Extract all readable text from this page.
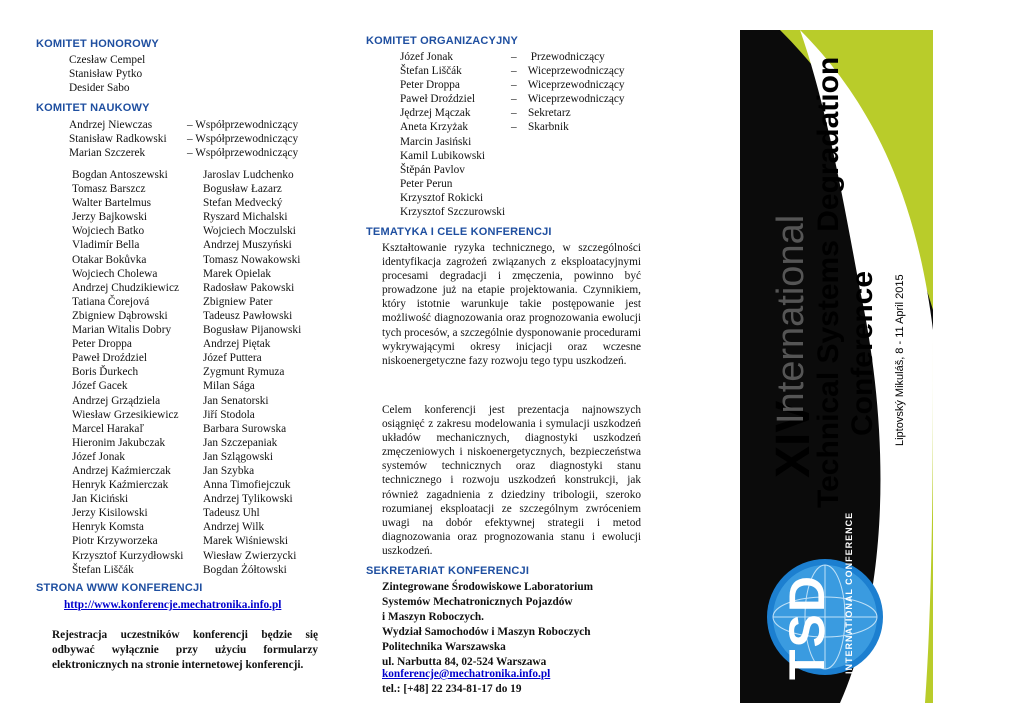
KOMITET HONOROWY
Czesław Cempel
Stanisław Pytko
Desider Sabo
KOMITET NAUKOWY
Andrzej Niewczas	– Współprzewodniczący
Stanisław Radkowski – Współprzewodniczący
Marian Szczerek	– Współprzewodniczący
Bogdan Antoszewski
Tomasz Barszcz
Walter Bartelmus
Jerzy Bajkowski
Wojciech Batko
Vladimír Bella
Otakar Bokůvka
Wojciech Cholewa
Andrzej Chudzikiewicz
Tatiana Čorejová
Zbigniew Dąbrowski
Marian Witalis Dobry
Peter Droppa
Paweł Droździel
Boris Ďurkech
Józef Gacek
Andrzej Grządziela
Wiesław Grzesikiewicz
Marcel Harakaľ
Hieronim Jakubczak
Józef Jonak
Andrzej Kaźmierczak
Henryk Kaźmierczak
Jan Kiciński
Jerzy Kisilowski
Henryk Komsta
Piotr Krzyworzeka
Krzysztof Kurzydłowski
Štefan Liščák
Jaroslav Ludchenko
Bogusław Łazarz
Stefan Medvecký
Ryszard Michalski
Wojciech Moczulski
Andrzej Muszyński
Tomasz Nowakowski
Marek Opielak
Radosław Pakowski
Zbigniew Pater
Tadeusz Pawłowski
Bogusław Pijanowski
Andrzej Piętak
Józef Puttera
Zygmunt Rymuza
Milan Sága
Jan Senatorski
Jiří Stodola
Barbara Surowska
Jan Szczepaniak
Jan Szlągowski
Jan Szybka
Anna Timofiejczuk
Andrzej Tylikowski
Tadeusz Uhl
Andrzej Wilk
Marek Wiśniewski
Wiesław Zwierzycki
Bogdan Żółtowski
STRONA WWW KONFERENCJI
http://www.konferencje.mechatronika.info.pl
Rejestracja uczestników konferencji będzie się odbywać wyłącznie przy użyciu formularzy elektronicznych na stronie internetowej konferencji.
KOMITET ORGANIZACYJNY
Józef Jonak	–     Przewodniczący
Štefan Liščák	–    Wiceprzewodniczący
Peter Droppa	–    Wiceprzewodniczący
Paweł Droździel	–    Wiceprzewodniczący
Jędrzej Mączak	–    Sekretarz
Aneta Krzyżak	–    Skarbnik
Marcin Jasiński
Kamil Lubikowski
Štěpán Pavlov
Peter Perun
Krzysztof Rokicki
Krzysztof Szczurowski
TEMATYKA I CELE KONFERENCJI
Kształtowanie ryzyka technicznego, w szczególności identyfikacja zagrożeń związanych z eksploatacyjnymi procesami degradacji i zmęczenia, powinno być prowadzone już na etapie projektowania. Czynnikiem, który istotnie warunkuje takie postępowanie jest możliwość diagnozowania oraz prognozowania ewolucji tych procesów, a szczególnie dysponowanie procedurami wykrywającymi okresy inicjacji oraz wczesne niskoenergetyczne fazy rozwoju tego typu uszkodzeń.
Celem konferencji jest prezentacja najnowszych osiągnięć z zakresu modelowania i symulacji uszkodzeń układów mechanicznych, diagnostyki uszkodzeń zmęczeniowych i niskoenergetycznych, bezpieczeństwa systemów technicznych oraz diagnostyki stanu technicznego i rozwoju uszkodzeń konstrukcji, jak również zagadnienia z dziedziny tribologii, szeroko rozumianej eksploatacji ze szczególnym zwróceniem uwagi na dobór efektywnej strategii i metod diagnozowania oraz prognozowania stanu i ewolucji uszkodzeń.
SEKRETARIAT KONFERENCJI
Zintegrowane Środowiskowe Laboratorium
Systemów Mechatronicznych Pojazdów
i Maszyn Roboczych.
Wydział Samochodów i Maszyn Roboczych
Politechnika Warszawska
ul. Narbutta 84, 02-524 Warszawa
konferencje@mechatronika.info.pl
tel.: [+48] 22 234-81-17 do 19
TSD INTERNATIONAL CONFERENCE
XIV
International Technical Systems Degradation Conference Liptovský Mikuláš, 8 - 11 April 2015
